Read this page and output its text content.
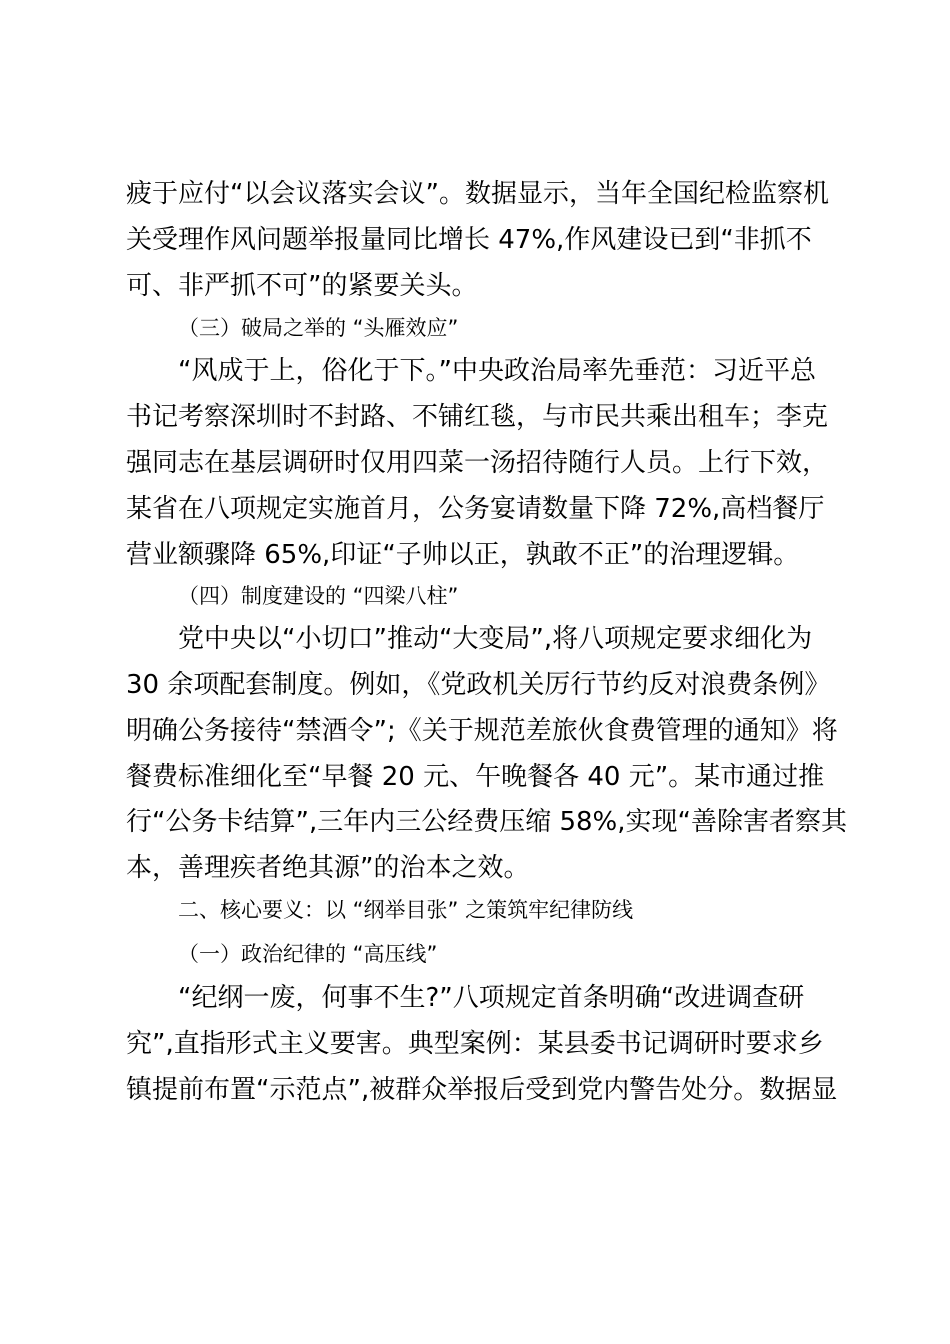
疲于应付“以会议落实会议”。数据显示，当年全国纪检监察机
关受理作风问题举报量同比增长 47%,作风建设已到“非抓不
可、非严抓不可”的紧要关头。
（三）破局之举的 “头雁效应”
“风成于上，俗化于下。”中央政治局率先垂范：习近平总
书记考察深圳时不封路、不铺红毯，与市民共乘出租车；李克
强同志在基层调研时仅用四菜一汤招待随行人员。上行下效，
某省在八项规定实施首月，公务宴请数量下降 72%,高档餐厅
营业额骤降 65%,印证“子帅以正，孰敢不正”的治理逻辑。
（四）制度建设的 “四梁八柱”
党中央以“小切口”推动“大变局”,将八项规定要求细化为
30 余项配套制度。例如，《党政机关厉行节约反对浪费条例》
明确公务接待“禁酒令”;《关于规范差旅伙食费管理的通知》将
餐费标准细化至“早餐 20 元、午晚餐各 40 元”。某市通过推
行“公务卡结算”,三年内三公经费压缩 58%,实现“善除害者察其
本，善理疾者绝其源”的治本之效。
二、核心要义：以 “纲举目张” 之策筑牢纪律防线
（一）政治纪律的 “高压线”
“纪纲一废，何事不生?”八项规定首条明确“改进调查研
究”,直指形式主义要害。典型案例：某县委书记调研时要求乡
镇提前布置“示范点”,被群众举报后受到党内警告处分。数据显
